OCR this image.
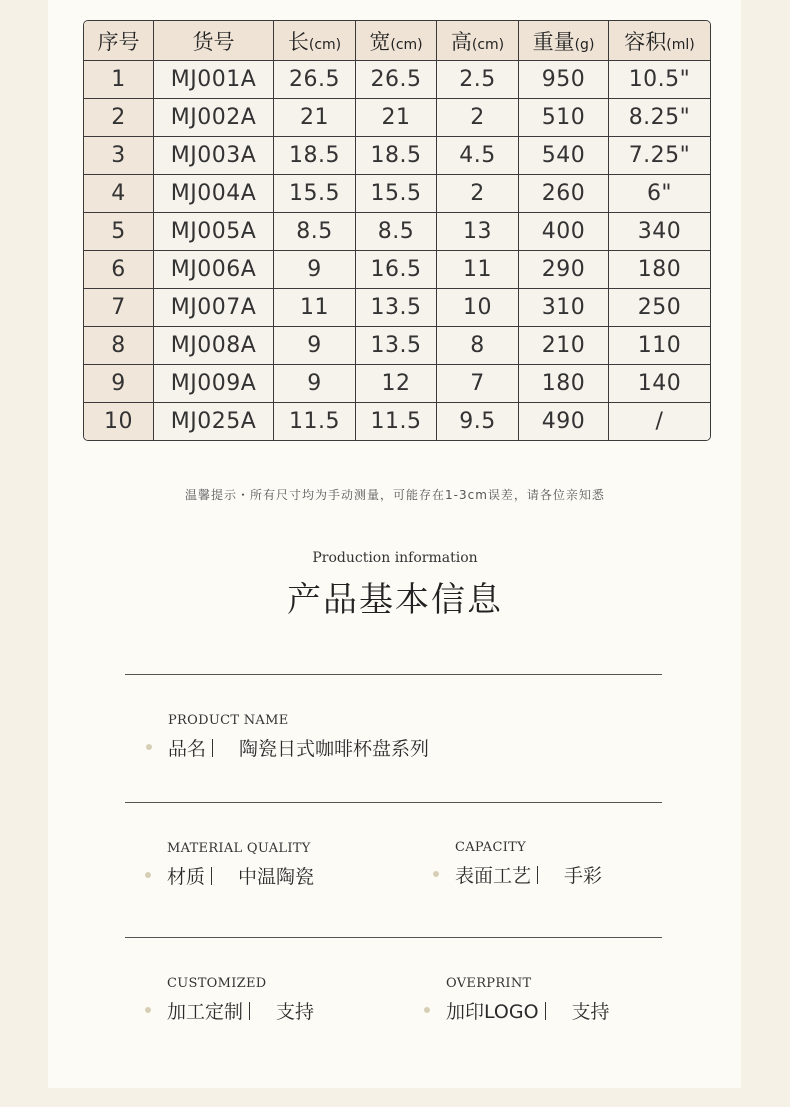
序号	货号	长(cm)	宽(cm)	高(cm)	重量(g)	容积(ml)
1	MJ001A	26.5	26.5	2.5	950	10.5"
2	MJ002A	21	21	2	510	8.25"
3	MJ003A	18.5	18.5	4.5	540	7.25"
4	MJ004A	15.5	15.5	2	260	6"
5	MJ005A	8.5	8.5	13	400	340
6	MJ006A	9	16.5	11	290	180
7	MJ007A	11	13.5	10	310	250
8	MJ008A	9	13.5	8	210	110
9	MJ009A	9	12	7	180	140
10	MJ025A	11.5	11.5	9.5	490	/
温馨提示・所有尺寸均为手动测量，可能存在1-3cm误差，请各位亲知悉
Production information
产品基本信息
PRODUCT NAME
品名 陶瓷日式咖啡杯盘系列
MATERIAL QUALITY
材质 中温陶瓷
CAPACITY
表面工艺 手彩
CUSTOMIZED
加工定制 支持
OVERPRINT
加印LOGO 支持
